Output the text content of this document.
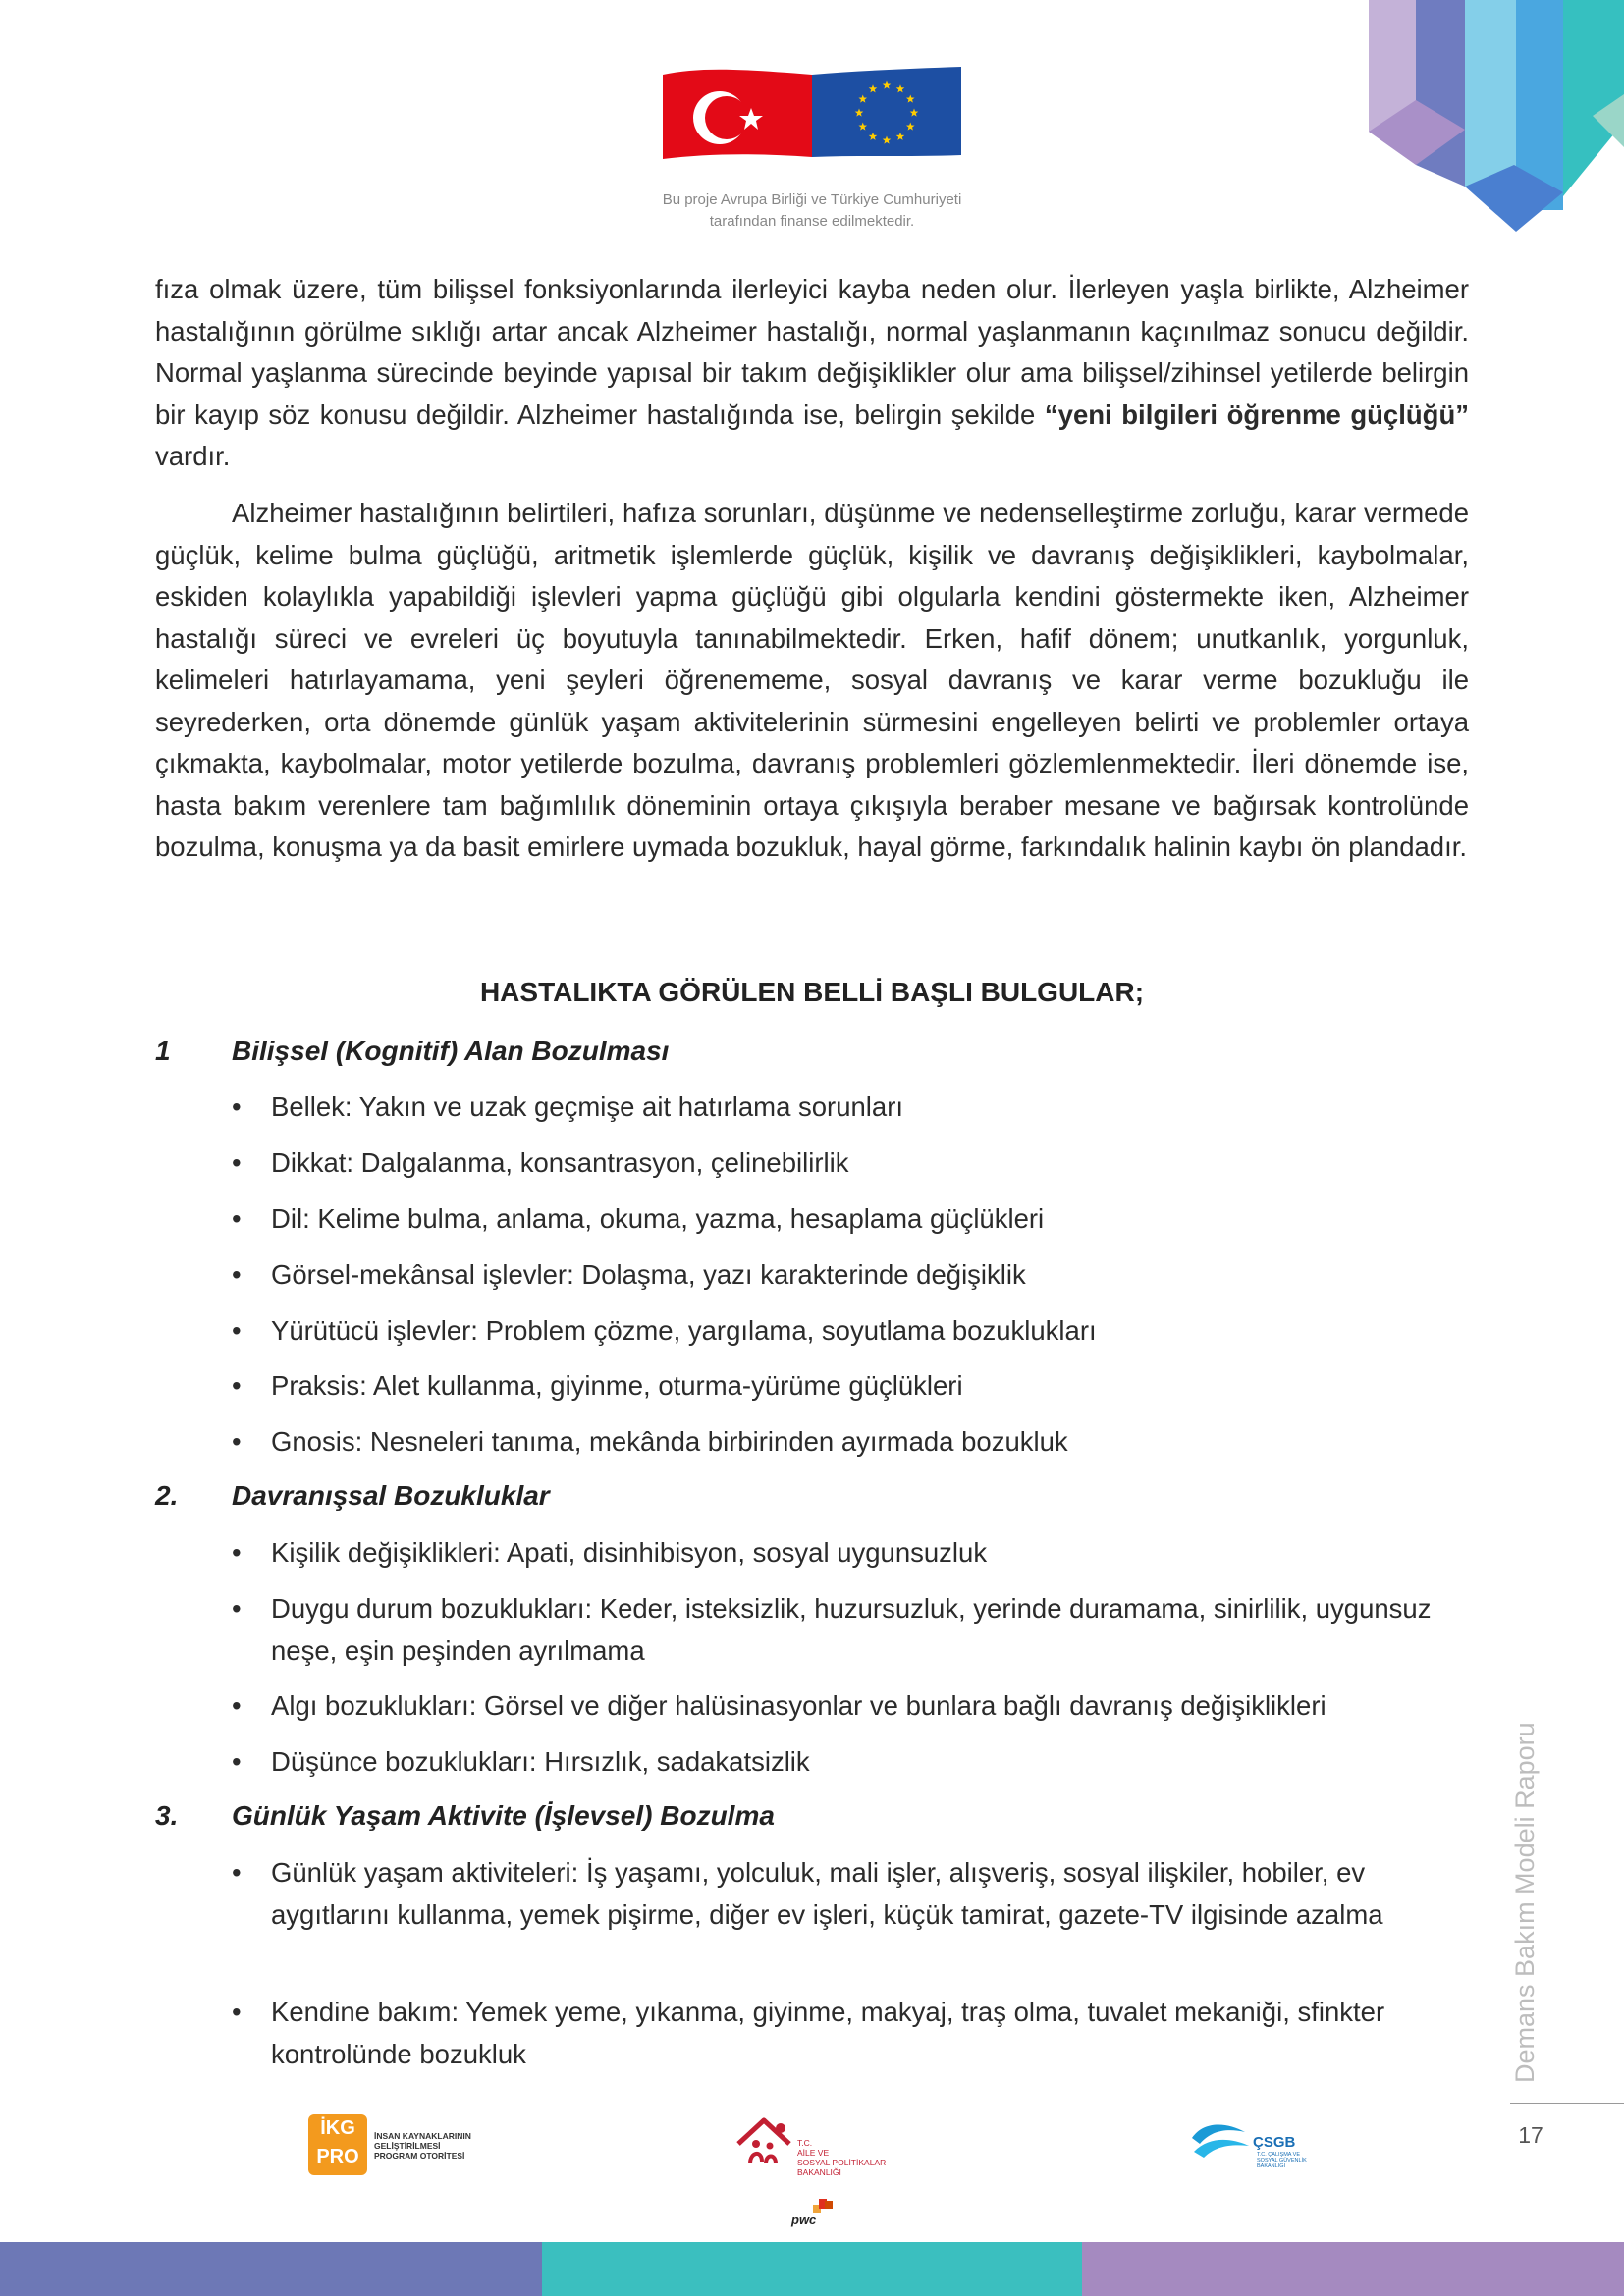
Bu proje Avrupa Birliği ve Türkiye Cumhuriyeti
tarafından finanse edilmektedir.
fıza olmak üzere, tüm bilişsel fonksiyonlarında ilerleyici kayba neden olur. İlerleyen yaşla birlikte, Alzheimer hastalığının görülme sıklığı artar ancak Alzheimer hastalığı, normal yaşlanmanın kaçınılmaz sonucu değildir. Normal yaşlanma sürecinde beyinde yapısal bir takım değişiklikler olur ama bilişsel/zihinsel yetilerde belirgin bir kayıp söz konusu değildir. Alzheimer hastalığında ise, belirgin şekilde “yeni bilgileri öğrenme güçlüğü” vardır.
Alzheimer hastalığının belirtileri, hafıza sorunları, düşünme ve nedenselleştirme zorluğu, karar vermede güçlük, kelime bulma güçlüğü, aritmetik işlemlerde güçlük, kişilik ve davranış değişiklikleri, kaybolmalar, eskiden kolaylıkla yapabildiği işlevleri yapma güçlüğü gibi olgularla kendini göstermekte iken, Alzheimer hastalığı süreci ve evreleri üç boyutuyla tanınabilmektedir. Erken, hafif dönem; unutkanlık, yorgunluk, kelimeleri hatırlayamama, yeni şeyleri öğrenememe, sosyal davranış ve karar verme bozukluğu ile seyrederken, orta dönemde günlük yaşam aktivitelerinin sürmesini engelleyen belirti ve problemler ortaya çıkmakta, kaybolmalar, motor yetilerde bozulma, davranış problemleri gözlemlenmektedir. İleri dönemde ise, hasta bakım verenlere tam bağımlılık döneminin ortaya çıkışıyla beraber mesane ve bağırsak kontrolünde bozulma, konuşma ya da basit emirlere uymada bozukluk, hayal görme, farkındalık halinin kaybı ön plandadır.
HASTALIKTA GÖRÜLEN BELLİ BAŞLI BULGULAR;
1	Bilişsel (Kognitif) Alan Bozulması
• Bellek: Yakın ve uzak geçmişe ait hatırlama sorunları
• Dikkat: Dalgalanma, konsantrasyon, çelinebilirlik
• Dil: Kelime bulma, anlama, okuma, yazma, hesaplama güçlükleri
• Görsel-mekânsal işlevler: Dolaşma, yazı karakterinde değişiklik
• Yürütücü işlevler: Problem çözme, yargılama, soyutlama bozuklukları
• Praksis: Alet kullanma, giyinme, oturma-yürüme güçlükleri
• Gnosis: Nesneleri tanıma, mekânda birbirinden ayırmada bozukluk
2.	Davranışsal Bozukluklar
• Kişilik değişiklikleri: Apati, disinhibisyon, sosyal uygunsuzluk
• Duygu durum bozuklukları: Keder, isteksizlik, huzursuzluk, yerinde duramama, sinirlilik, uygunsuz neşe, eşin peşinden ayrılmama
• Algı bozuklukları: Görsel ve diğer halüsinasyonlar ve bunlara bağlı davranış değişiklikleri
• Düşünce bozuklukları: Hırsızlık, sadakatsizlik
3.	Günlük Yaşam Aktivite (İşlevsel) Bozulma
• Günlük yaşam aktiviteleri: İş yaşamı, yolculuk, mali işler, alışveriş, sosyal ilişkiler, hobiler, ev aygıtlarını kullanma, yemek pişirme, diğer ev işleri, küçük tamirat, gazete-TV ilgisinde azalma
• Kendine bakım: Yemek yeme, yıkanma, giyinme, makyaj, traş olma, tuvalet mekaniği, sfinkter kontrolünde bozukluk	Demans Bakım Modeli Raporu
17
İKG
PRO
İNSAN KAYNAKLARININ
GELİŞTİRİLMESİ
PROGRAM OTORİTESİ
T.C.
AİLE VE
SOSYAL POLİTİKALAR
BAKANLIĞI
pwc
ÇSGB
T.C. ÇALIŞMA VE
SOSYAL GÜVENLİK
BAKANLIĞI
